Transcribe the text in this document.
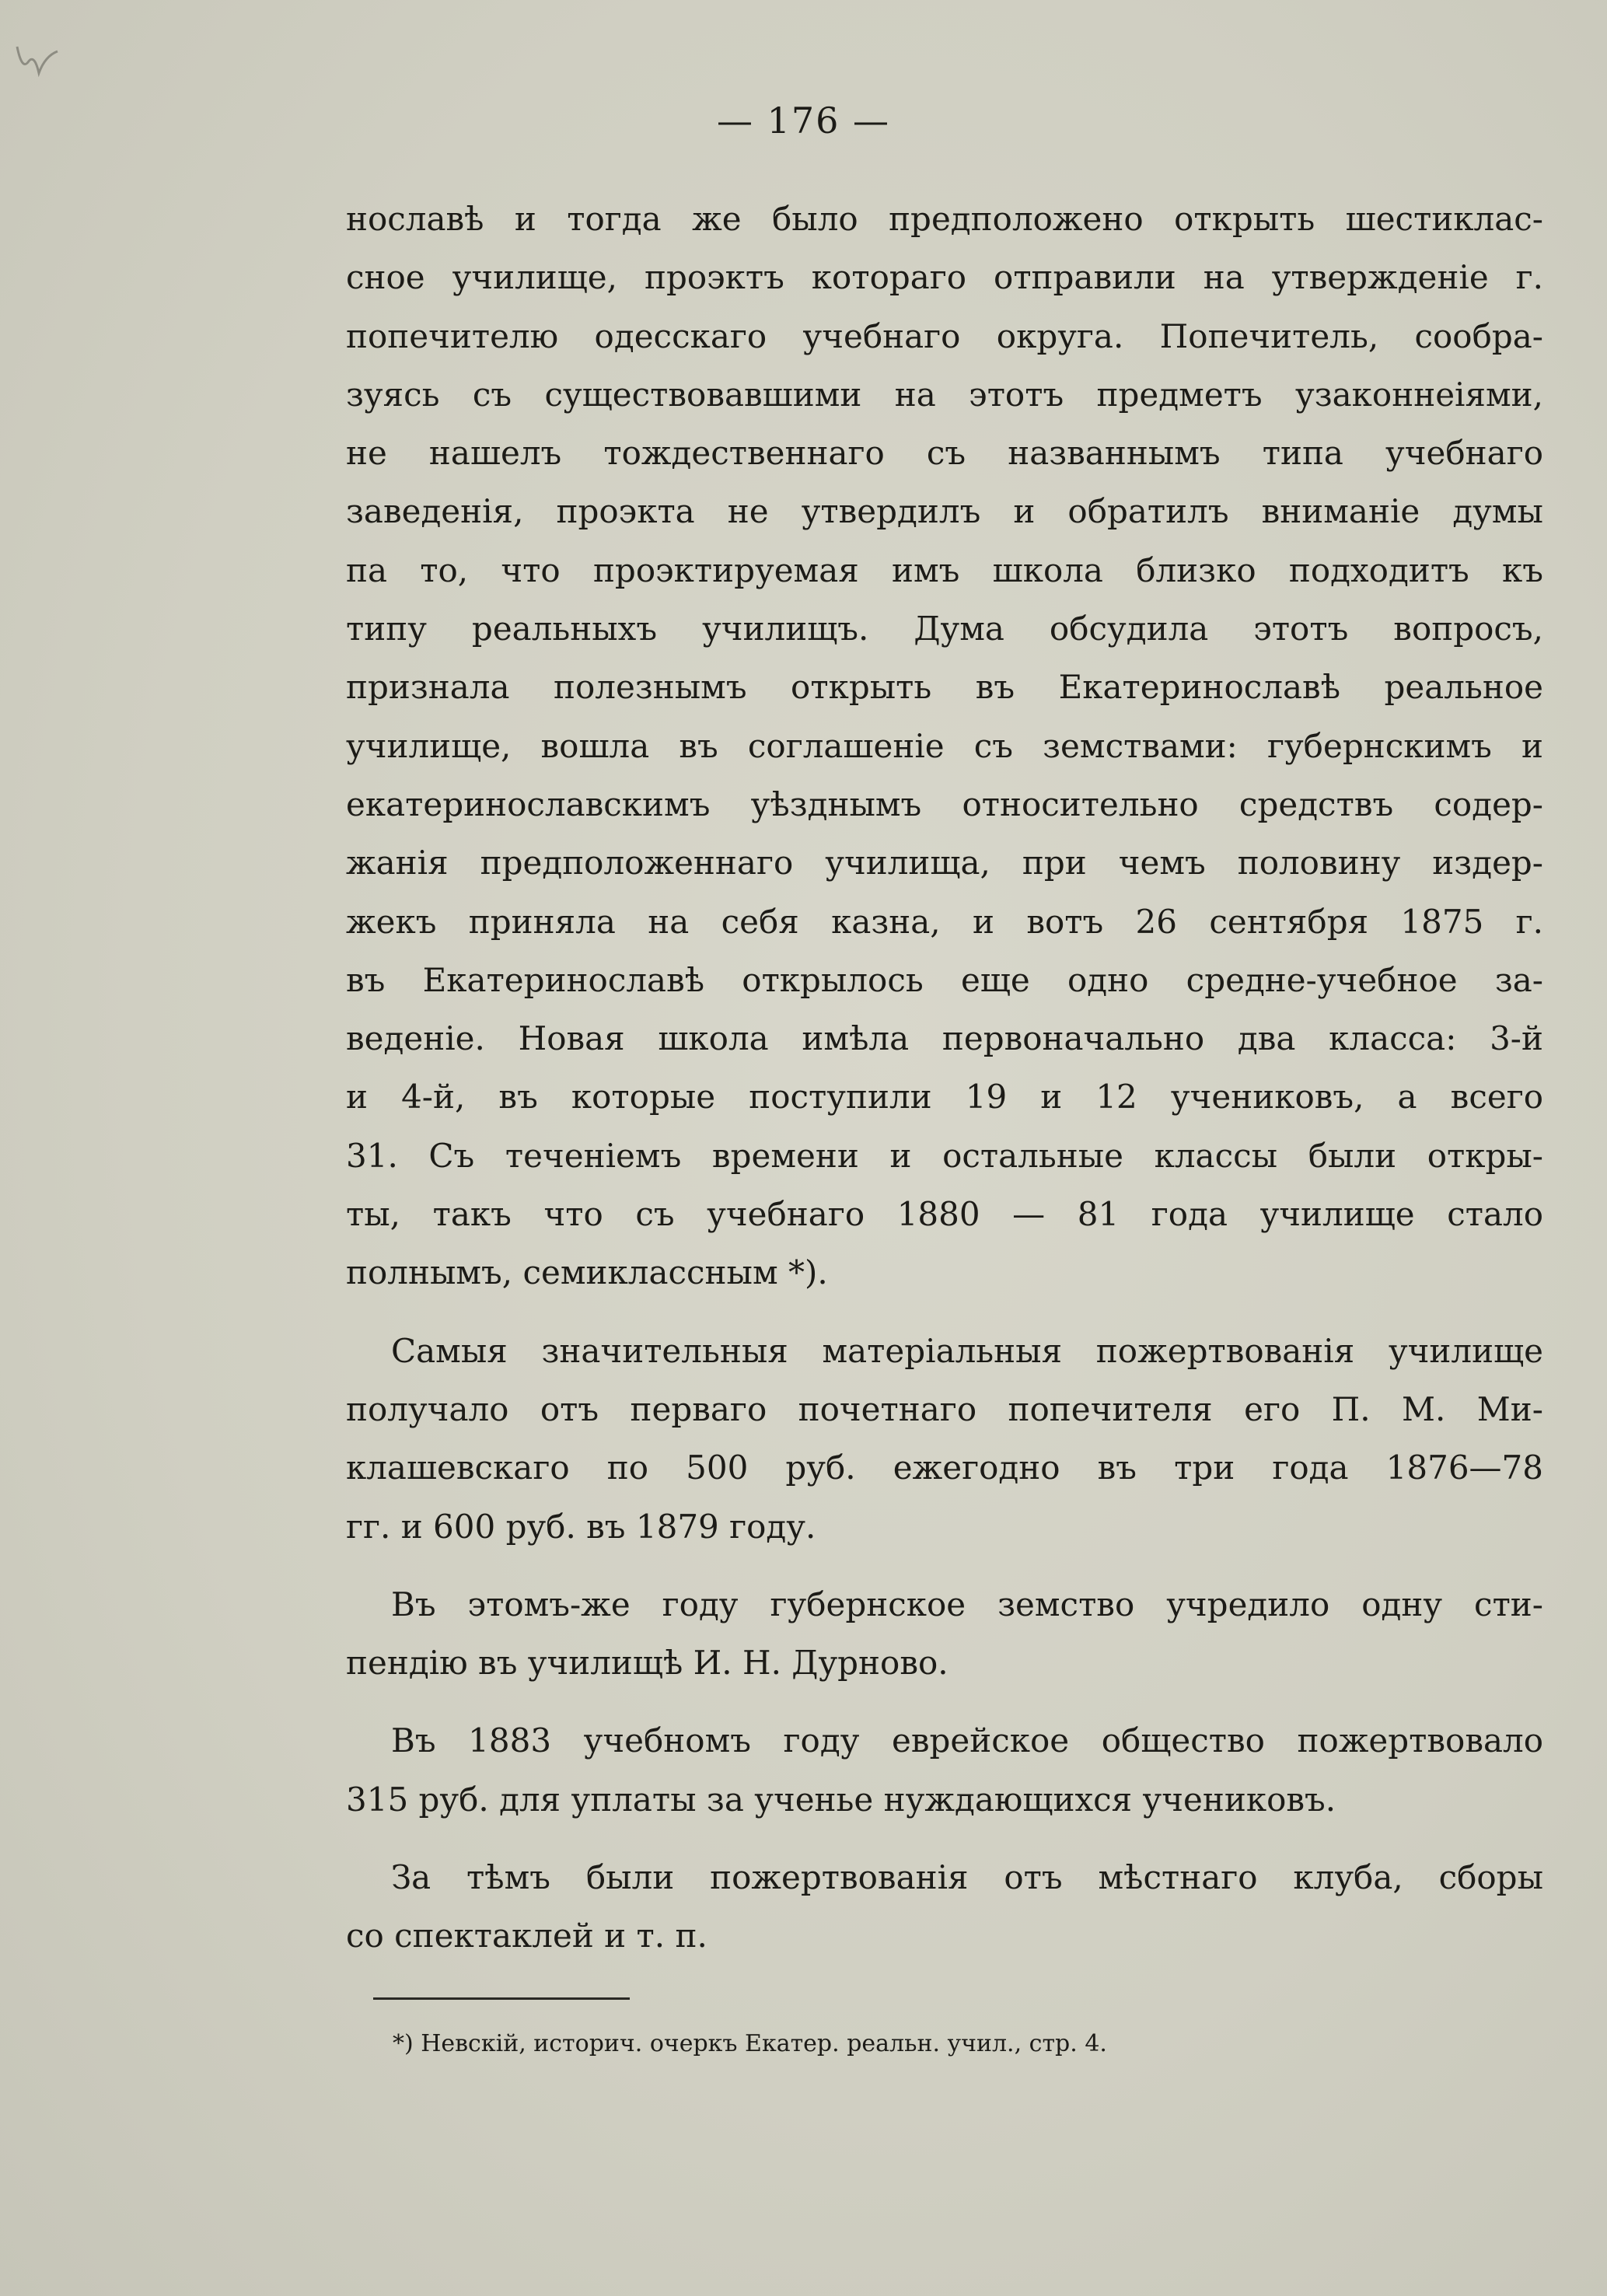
— 176 —
нославѣ и тогда же было предположено открыть шестиклас-
сное училище, проэктъ котораго отправили на утвержденіе г.
попечителю одесскаго учебнаго округа. Попечитель, сообра-
зуясь съ существовавшими на этотъ предметъ узаконнеіями,
не нашелъ тождественнаго съ названнымъ типа учебнаго
заведенія, проэкта не утвердилъ и обратилъ вниманіе думы
па то, что проэктируемая имъ школа близко подходитъ къ
типу реальныхъ училищъ. Дума обсудила этотъ вопросъ,
признала полезнымъ открыть въ Екатеринославѣ реальное
училище, вошла въ соглашеніе съ земствами: губернскимъ и
екатеринославскимъ уѣзднымъ относительно средствъ содер-
жанія предположеннаго училища, при чемъ половину издер-
жекъ приняла на себя казна, и вотъ 26 сентября 1875 г.
въ Екатеринославѣ открылось еще одно средне-учебное за-
веденіе. Новая школа имѣла первоначально два класса: 3-й
и 4-й, въ которые поступили 19 и 12 учениковъ, а всего
31. Съ теченіемъ времени и остальные классы были откры-
ты, такъ что съ учебнаго 1880 — 81 года училище стало
полнымъ, семиклассным *).
Самыя значительныя матеріальныя пожертвованія училище
получало отъ перваго почетнаго попечителя его П. М. Ми-
клашевскаго по 500 руб. ежегодно въ три года 1876—78
гг. и 600 руб. въ 1879 году.
Въ этомъ-же году губернское земство учредило одну сти-
пендію въ училищѣ И. Н. Дурново.
Въ 1883 учебномъ году еврейское общество пожертвовало
315 руб. для уплаты за ученье нуждающихся учениковъ.
За тѣмъ были пожертвованія отъ мѣстнаго клуба, сборы
со спектаклей и т. п.
*) Невскій, историч. очеркъ Екатер. реальн. учил., стр. 4.
